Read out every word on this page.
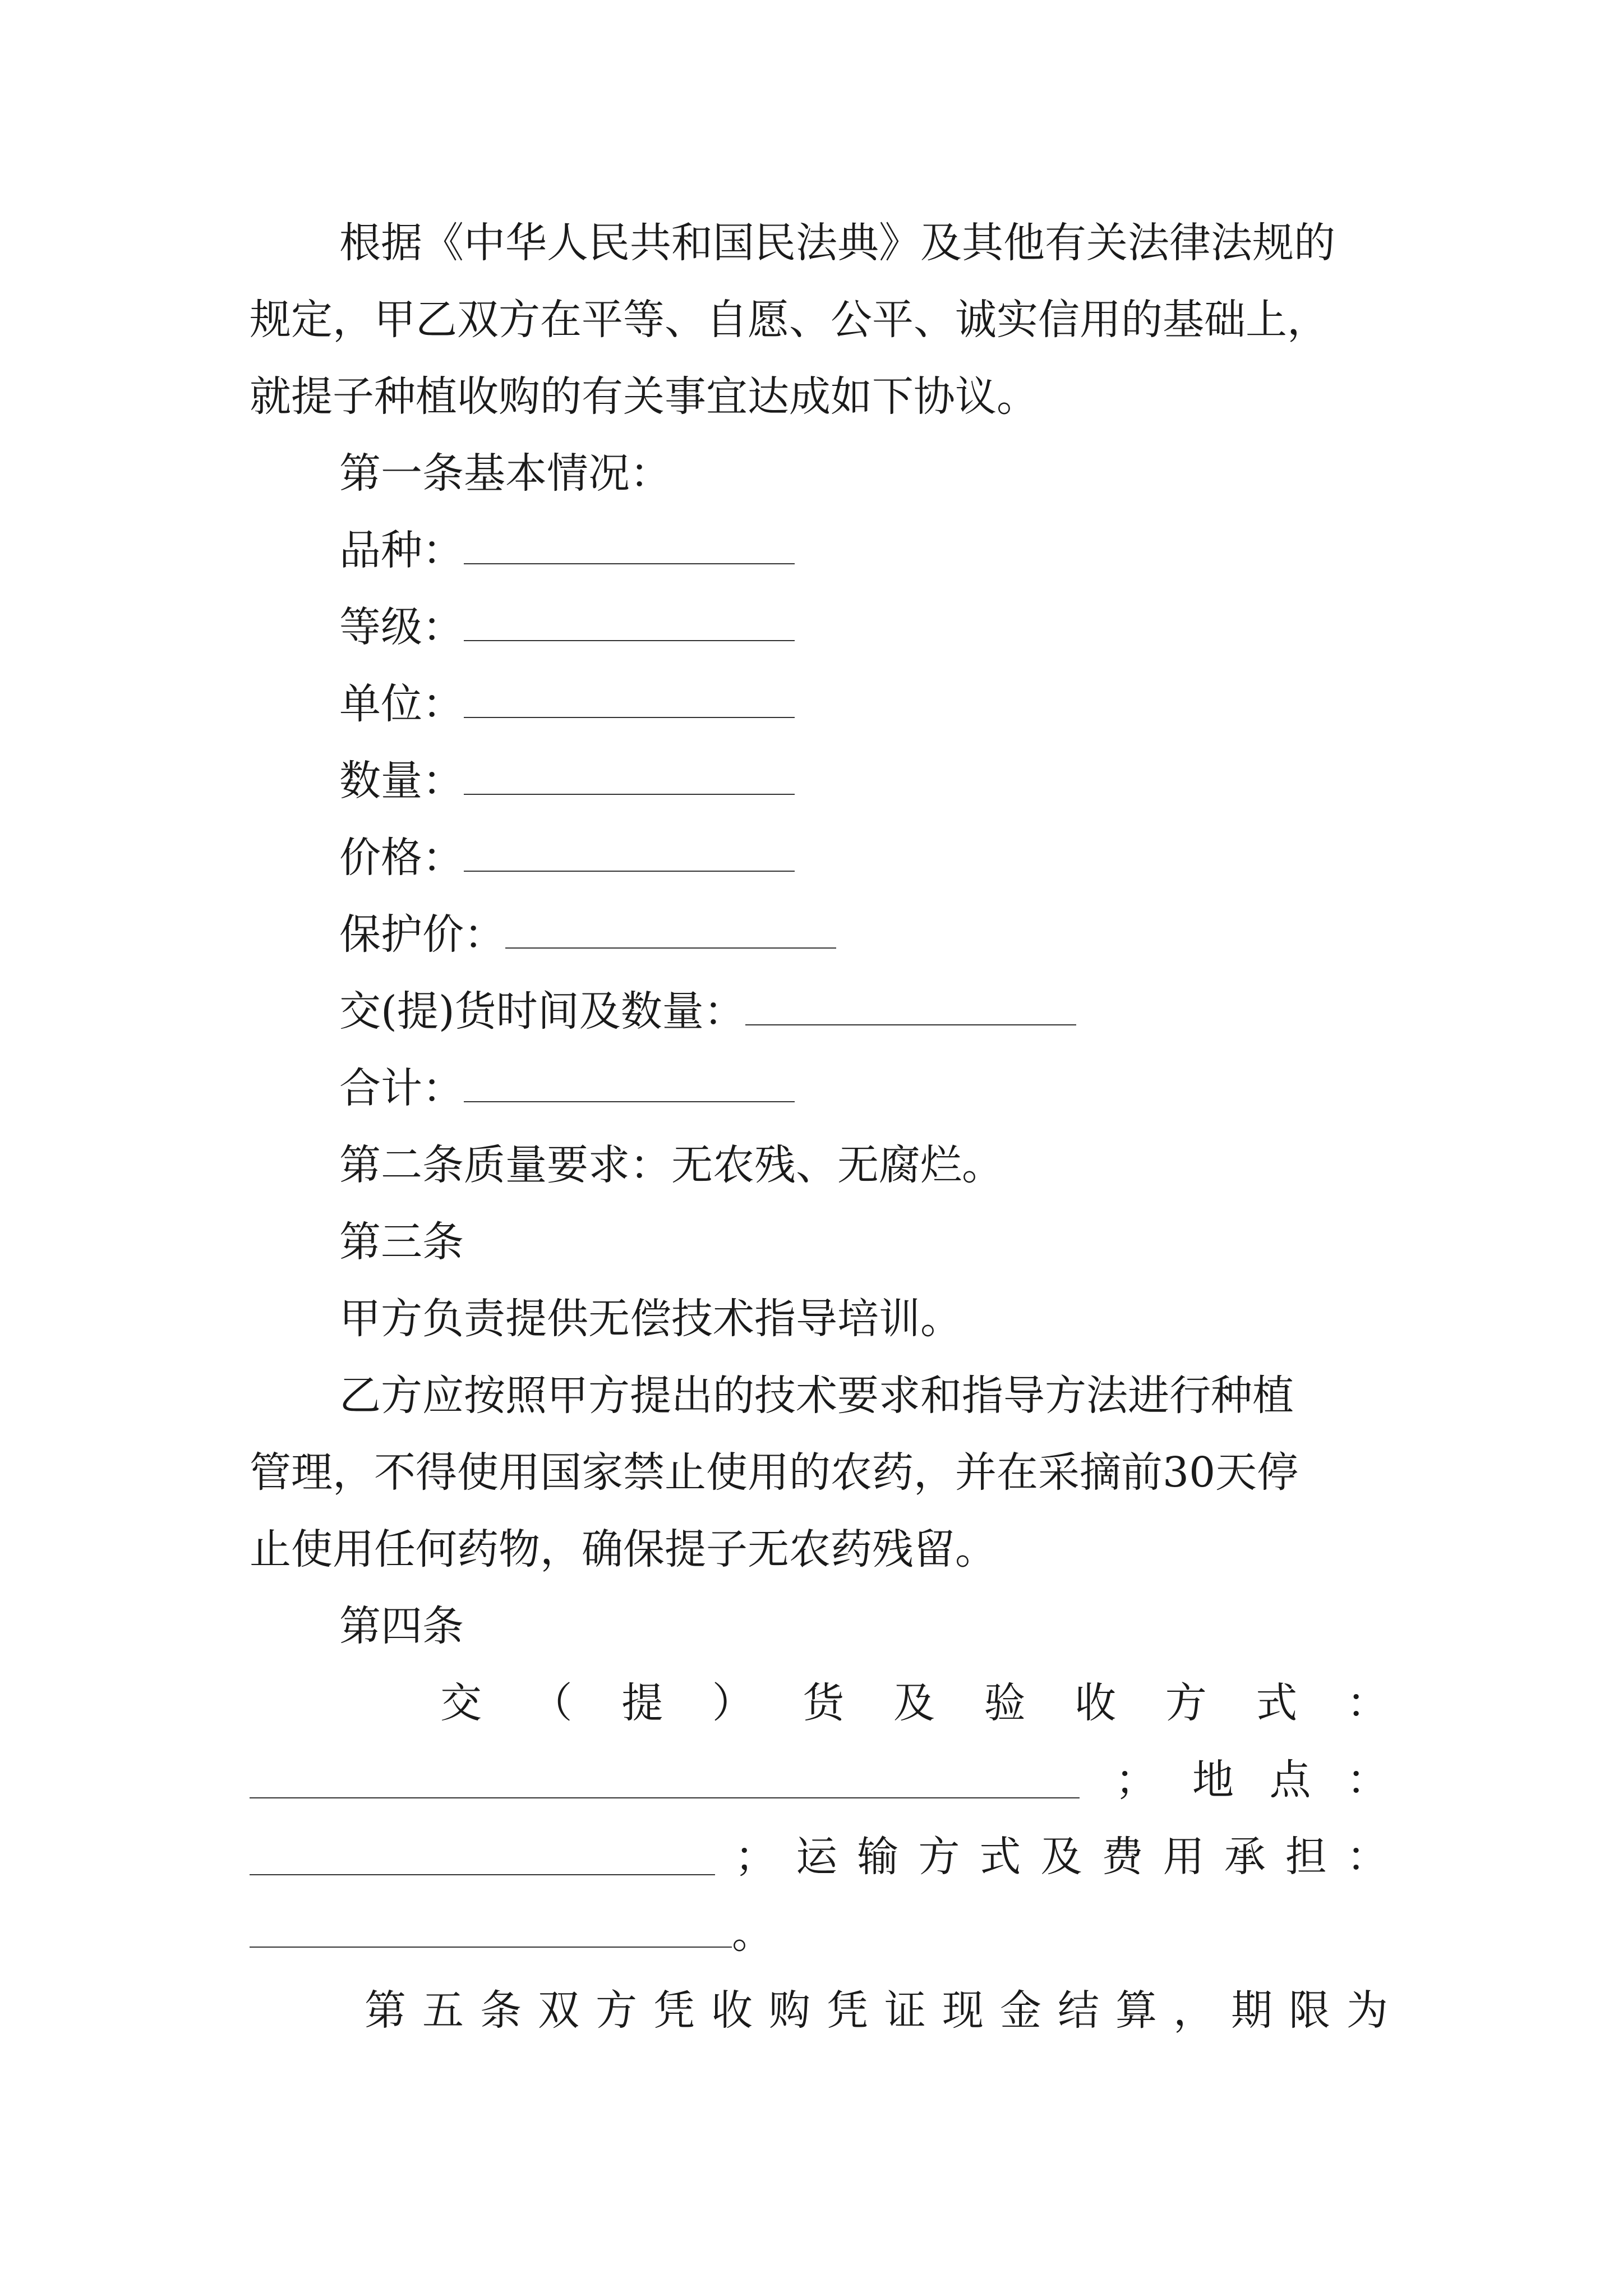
根据《中华人民共和国民法典》及其他有关法律法规的
规定，甲乙双方在平等、自愿、公平、诚实信用的基础上，
就提子种植收购的有关事宜达成如下协议。
第一条基本情况：
品种：
等级：
单位：
数量：
价格：
保护价：
交(提)货时间及数量：
合计：
第二条质量要求：无农残、无腐烂。
第三条
甲方负责提供无偿技术指导培训。
乙方应按照甲方提出的技术要求和指导方法进行种植
管理，不得使用国家禁止使用的农药，并在采摘前30天停
止使用任何药物，确保提子无农药残留。
第四条
交 （ 提 ） 货 及 验 收 方 式 ：
； 地 点 ：
； 运 输 方 式 及 费 用 承 担 ：
。
第 五 条 双 方 凭 收 购 凭 证 现 金 结 算 ， 期 限 为
